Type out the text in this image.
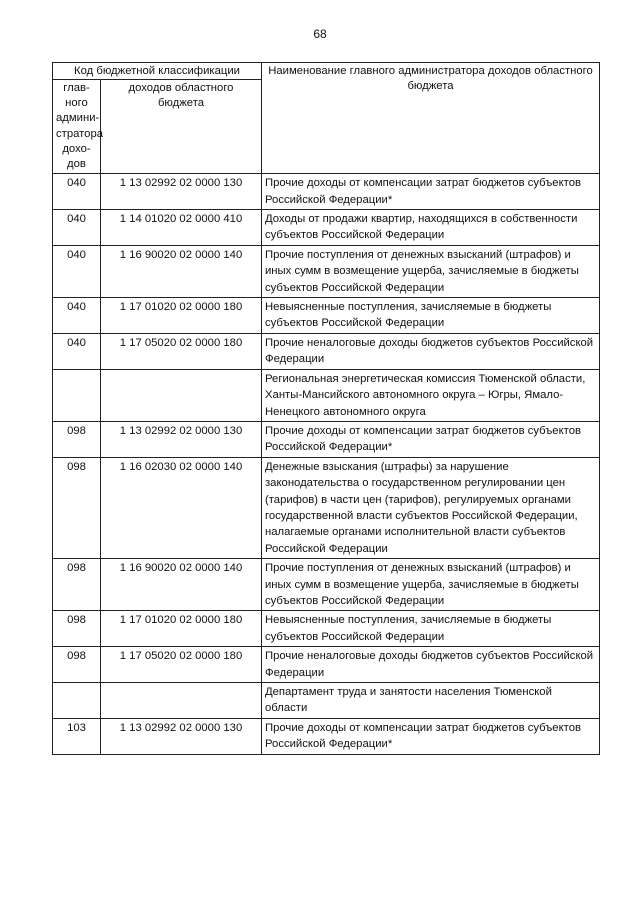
68
Код бюджетной классификации		Наименование главного администратора доходов областного бюджета
глав-ного админи-стратора дохо-дов	доходов областного бюджета	
040	1 13 02992 02 0000 130	Прочие доходы от компенсации затрат бюджетов субъектов Российской Федерации*
040	1 14 01020 02 0000 410	Доходы от продажи квартир, находящихся в собственности субъектов Российской Федерации
040	1 16 90020 02 0000 140	Прочие поступления от денежных взысканий (штрафов) и иных сумм в возмещение ущерба, зачисляемые в бюджеты субъектов Российской Федерации
040	1 17 01020 02 0000 180	Невыясненные поступления, зачисляемые в бюджеты субъектов Российской Федерации
040	1 17 05020 02 0000 180	Прочие неналоговые доходы бюджетов субъектов Российской Федерации
		Региональная энергетическая комиссия Тюменской области, Ханты-Мансийского автономного округа – Югры, Ямало-Ненецкого автономного округа
098	1 13 02992 02 0000 130	Прочие доходы от компенсации затрат бюджетов субъектов Российской Федерации*
098	1 16 02030 02 0000 140	Денежные взыскания (штрафы) за нарушение законодательства о государственном регулировании цен (тарифов) в части цен (тарифов), регулируемых органами государственной власти субъектов Российской Федерации, налагаемые органами исполнительной власти субъектов Российской Федерации
098	1 16 90020 02 0000 140	Прочие поступления от денежных взысканий (штрафов) и иных сумм в возмещение ущерба, зачисляемые в бюджеты субъектов Российской Федерации
098	1 17 01020 02 0000 180	Невыясненные поступления, зачисляемые в бюджеты субъектов Российской Федерации
098	1 17 05020 02 0000 180	Прочие неналоговые доходы бюджетов субъектов Российской Федерации
		Департамент труда и занятости населения Тюменской области
103	1 13 02992 02 0000 130	Прочие доходы от компенсации затрат бюджетов субъектов Российской Федерации*
